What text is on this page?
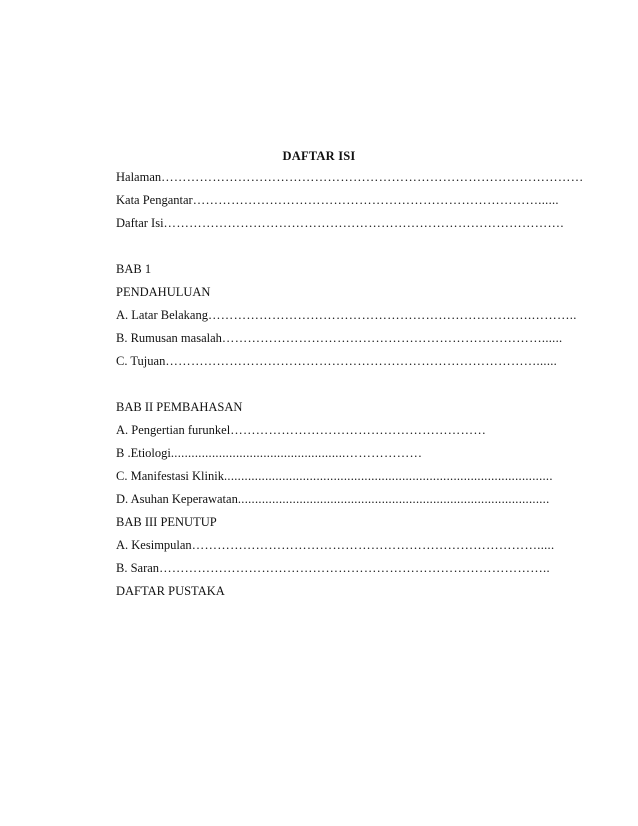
DAFTAR ISI
Halaman………………………………………………………………………………………
Kata Pengantar………………………………………………………………………......
Daftar Isi………………………………………………………………………………….
BAB 1
PENDAHULUAN
A. Latar Belakang………………………………………………………………….………..
B. Rumusan masalah…………………………………………………………………......
C. Tujuan……………………………………………………………………………......
BAB II PEMBAHASAN
A. Pengertian furunkel……………………………………………………
B .Etiologi...................................................………………
C. Manifestasi Klinik................................................................................................
D. Asuhan Keperawatan...........................................................................................
BAB III PENUTUP
A. Kesimpulan……………………………………………………………………….....
B. Saran………………………………………………………………………………..
DAFTAR PUSTAKA
